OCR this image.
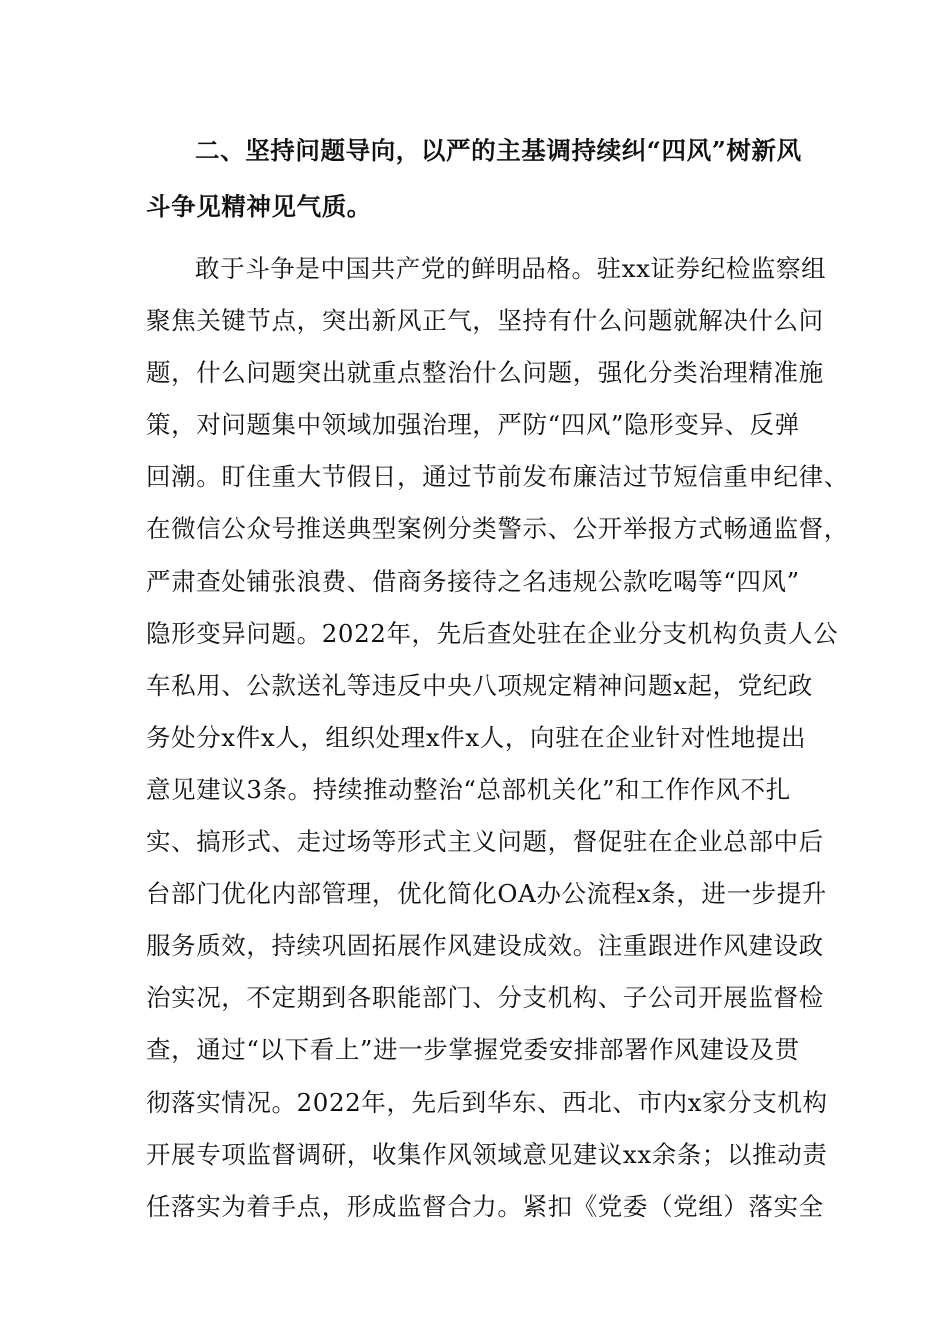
二、坚持问题导向，以严的主基调持续纠“四风”树新风
斗争见精神见气质。
敢于斗争是中国共产党的鲜明品格。驻xx证券纪检监察组
聚焦关键节点，突出新风正气，坚持有什么问题就解决什么问
题，什么问题突出就重点整治什么问题，强化分类治理精准施
策，对问题集中领域加强治理，严防“四风”隐形变异、反弹
回潮。盯住重大节假日，通过节前发布廉洁过节短信重申纪律、
在微信公众号推送典型案例分类警示、公开举报方式畅通监督，
严肃查处铺张浪费、借商务接待之名违规公款吃喝等“四风”
隐形变异问题。2022年，先后查处驻在企业分支机构负责人公
车私用、公款送礼等违反中央八项规定精神问题x起，党纪政
务处分x件x人，组织处理x件x人，向驻在企业针对性地提出
意见建议3条。持续推动整治“总部机关化”和工作作风不扎
实、搞形式、走过场等形式主义问题，督促驻在企业总部中后
台部门优化内部管理，优化简化OA办公流程x条，进一步提升
服务质效，持续巩固拓展作风建设成效。注重跟进作风建设政
治实况，不定期到各职能部门、分支机构、子公司开展监督检
查，通过“以下看上”进一步掌握党委安排部署作风建设及贯
彻落实情况。2022年，先后到华东、西北、市内x家分支机构
开展专项监督调研，收集作风领域意见建议xx余条；以推动责
任落实为着手点，形成监督合力。紧扣《党委（党组）落实全
